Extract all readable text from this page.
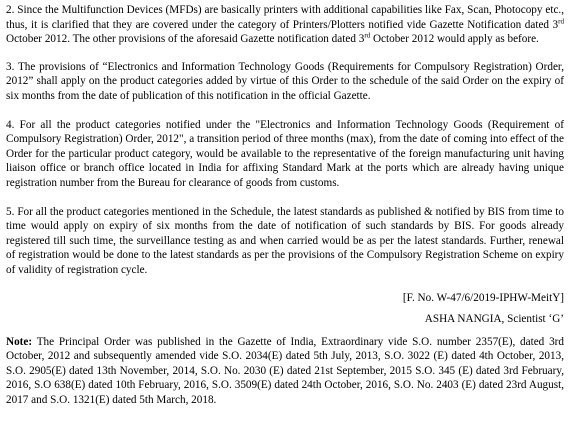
2. Since the Multifunction Devices (MFDs) are basically printers with additional capabilities like Fax, Scan, Photocopy etc., thus, it is clarified that they are covered under the category of Printers/Plotters notified vide Gazette Notification dated 3rd October 2012. The other provisions of the aforesaid Gazette notification dated 3rd October 2012 would apply as before.

3. The provisions of “Electronics and Information Technology Goods (Requirements for Compulsory Registration) Order, 2012” shall apply on the product categories added by virtue of this Order to the schedule of the said Order on the expiry of six months from the date of publication of this notification in the official Gazette.

4. For all the product categories notified under the "Electronics and Information Technology Goods (Requirement of Compulsory Registration) Order, 2012", a transition period of three months (max), from the date of coming into effect of the Order for the particular product category, would be available to the representative of the foreign manufacturing unit having liaison office or branch office located in India for affixing Standard Mark at the ports which are already having unique registration number from the Bureau for clearance of goods from customs.

5. For all the product categories mentioned in the Schedule, the latest standards as published & notified by BIS from time to time would apply on expiry of six months from the date of notification of such standards by BIS. For goods already registered till such time, the surveillance testing as and when carried would be as per the latest standards. Further, renewal of registration would be done to the latest standards as per the provisions of the Compulsory Registration Scheme on expiry of validity of registration cycle.

[F. No. W-47/6/2019-IPHW-MeitY]

ASHA NANGIA, Scientist ‘G’

Note: The Principal Order was published in the Gazette of India, Extraordinary vide S.O. number 2357(E), dated 3rd October, 2012 and subsequently amended vide S.O. 2034(E) dated 5th July, 2013, S.O. 3022 (E) dated 4th October, 2013, S.O. 2905(E) dated 13th November, 2014, S.O. No. 2030 (E) dated 21st September, 2015 S.O. 345 (E) dated 3rd February, 2016, S.O 638(E) dated 10th February, 2016, S.O. 3509(E) dated 24th October, 2016, S.O. No. 2403 (E) dated 23rd August, 2017 and S.O. 1321(E) dated 5th March, 2018.
